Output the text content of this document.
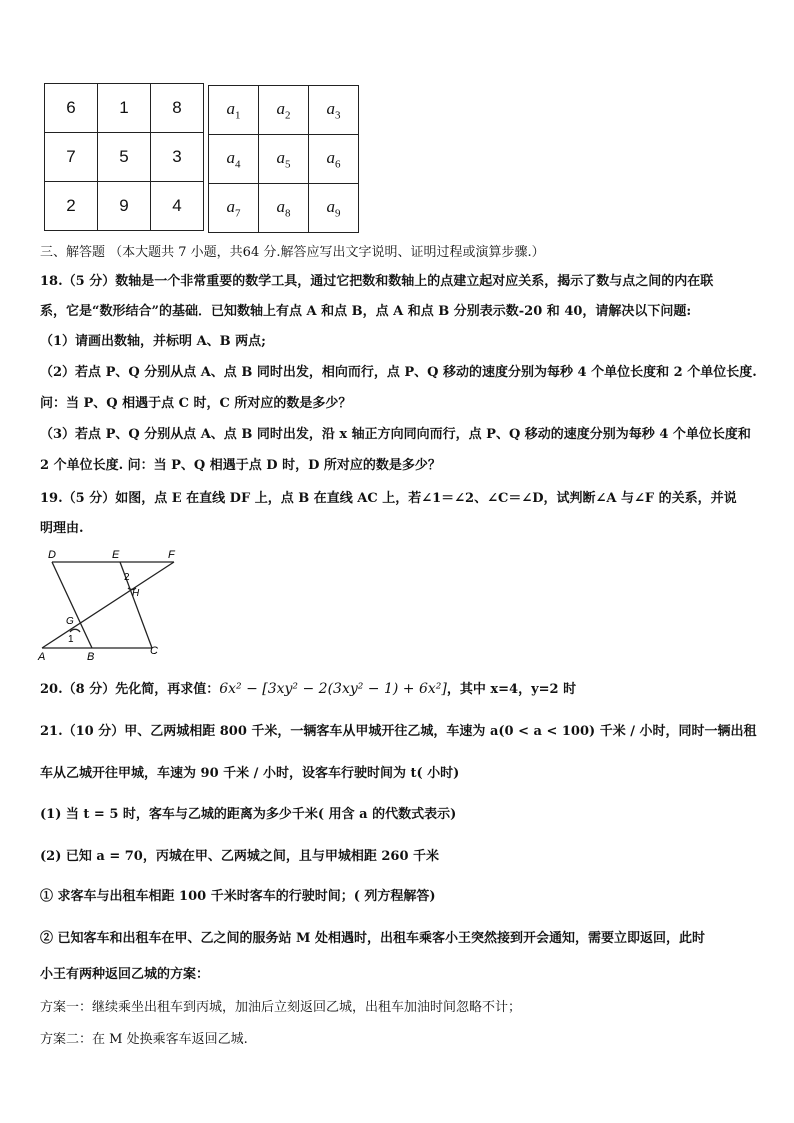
6	1	8
7	5	3
2	9	4
$a_1$	$a_2$	$a_3$
$a_4$	$a_5$	$a_6$
$a_7$	$a_8$	$a_9$
三、解答题 （本大题共 7 小题，共64 分.解答应写出文字说明、证明过程或演算步骤.）
18.（5 分）数轴是一个非常重要的数学工具，通过它把数和数轴上的点建立起对应关系，揭示了数与点之间的内在联
系，它是“数形结合”的基础．已知数轴上有点 A 和点 B，点 A 和点 B 分别表示数-20 和 40，请解决以下问题:
（1）请画出数轴，并标明 A、B 两点;
（2）若点 P、Q 分别从点 A、点 B 同时出发，相向而行，点 P、Q 移动的速度分别为每秒 4 个单位长度和 2 个单位长度.
问：当 P、Q 相遇于点 C 时，C 所对应的数是多少？
（3）若点 P、Q 分别从点 A、点 B 同时出发，沿 x 轴正方向同向而行，点 P、Q 移动的速度分别为每秒 4 个单位长度和
2 个单位长度. 问：当 P、Q 相遇于点 D 时，D 所对应的数是多少？
19.（5 分）如图，点 E 在直线 DF 上，点 B 在直线 AC 上，若∠1＝∠2、∠C＝∠D，试判断∠A 与∠F 的关系，并说
明理由.
D	E	F
H
G
A	B	C
1
2
20.（8 分）先化简，再求值：6x² − [3xy² − 2(3xy² − 1) + 6x²]，其中 x=4，y=2 时
21.（10 分）甲、乙两城相距 800 千米，一辆客车从甲城开往乙城，车速为 a(0 < a < 100) 千米 / 小时，同时一辆出租
车从乙城开往甲城，车速为 90 千米 / 小时，设客车行驶时间为 t( 小时)
(1) 当 t = 5 时，客车与乙城的距离为多少千米( 用含 a 的代数式表示)
(2) 已知 a = 70，丙城在甲、乙两城之间，且与甲城相距 260 千米
① 求客车与出租车相距 100 千米时客车的行驶时间；( 列方程解答)
② 已知客车和出租车在甲、乙之间的服务站 M 处相遇时，出租车乘客小王突然接到开会通知，需要立即返回，此时
小王有两种返回乙城的方案：
方案一：继续乘坐出租车到丙城，加油后立刻返回乙城，出租车加油时间忽略不计；
方案二：在 M 处换乘客车返回乙城.
